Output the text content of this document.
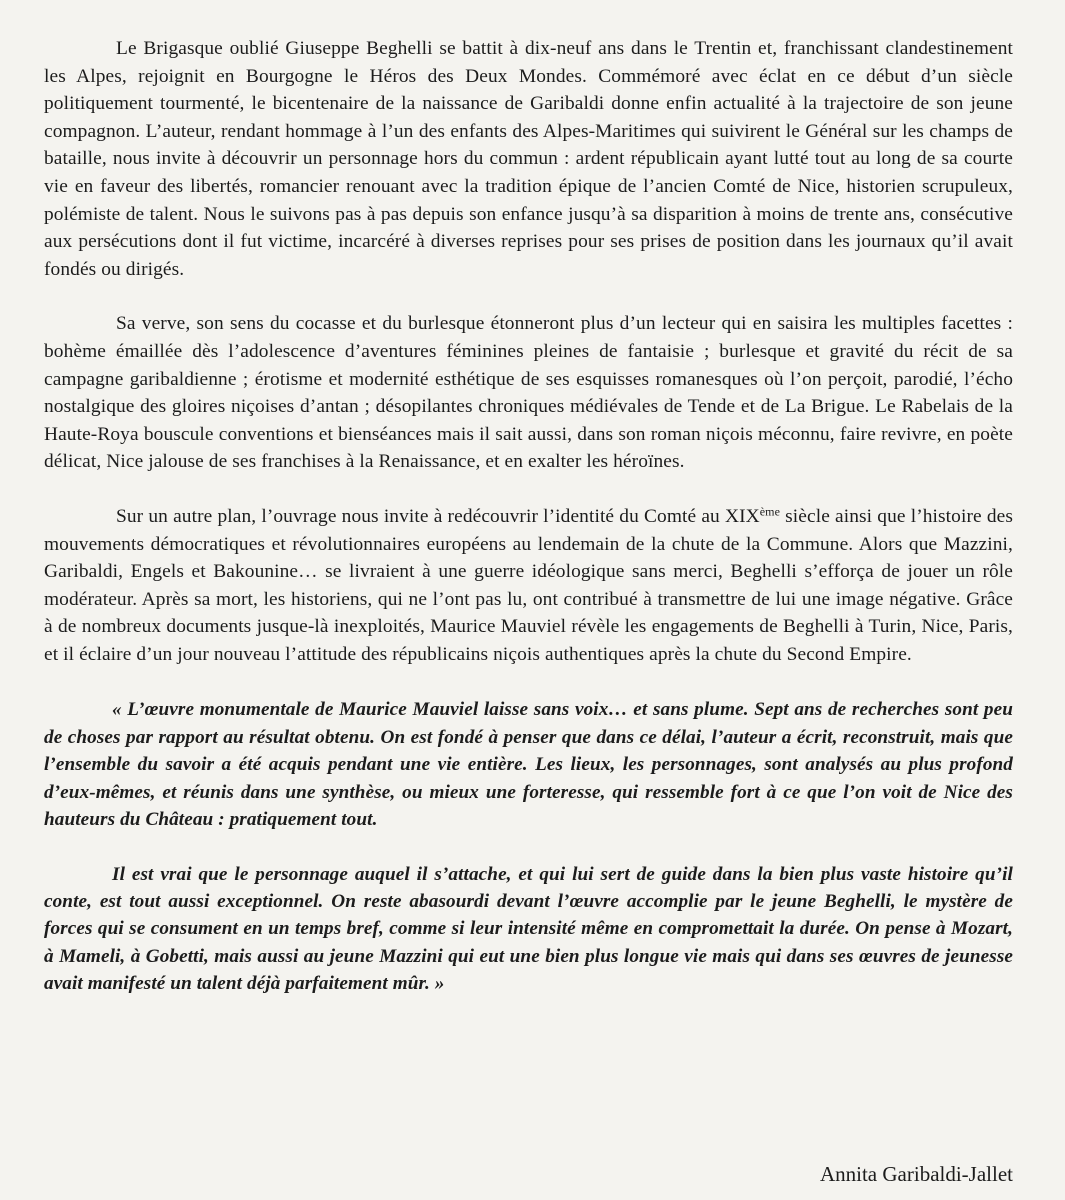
Le Brigasque oublié Giuseppe Beghelli se battit à dix-neuf ans dans le Trentin et, franchissant clandestinement les Alpes, rejoignit en Bourgogne le Héros des Deux Mondes. Commémoré avec éclat en ce début d’un siècle politiquement tourmenté, le bicentenaire de la naissance de Garibaldi donne enfin actualité à la trajectoire de son jeune compagnon. L’auteur, rendant hommage à l’un des enfants des Alpes-Maritimes qui suivirent le Général sur les champs de bataille, nous invite à découvrir un personnage hors du commun : ardent républicain ayant lutté tout au long de sa courte vie en faveur des libertés, romancier renouant avec la tradition épique de l’ancien Comté de Nice, historien scrupuleux, polémiste de talent. Nous le suivons pas à pas depuis son enfance jusqu’à sa disparition à moins de trente ans, consécutive aux persécutions dont il fut victime, incarcéré à diverses reprises pour ses prises de position dans les journaux qu’il avait fondés ou dirigés.

Sa verve, son sens du cocasse et du burlesque étonneront plus d’un lecteur qui en saisira les multiples facettes : bohème émaillée dès l’adolescence d’aventures féminines pleines de fantaisie ; burlesque et gravité du récit de sa campagne garibaldienne ; érotisme et modernité esthétique de ses esquisses romanesques où l’on perçoit, parodié, l’écho nostalgique des gloires niçoises d’antan ; désopilantes chroniques médiévales de Tende et de La Brigue. Le Rabelais de la Haute-Roya bouscule conventions et bienséances mais il sait aussi, dans son roman niçois méconnu, faire revivre, en poète délicat, Nice jalouse de ses franchises à la Renaissance, et en exalter les héroïnes.

Sur un autre plan, l’ouvrage nous invite à redécouvrir l’identité du Comté au XIXème siècle ainsi que l’histoire des mouvements démocratiques et révolutionnaires européens au lendemain de la chute de la Commune. Alors que Mazzini, Garibaldi, Engels et Bakounine… se livraient à une guerre idéologique sans merci, Beghelli s’efforça de jouer un rôle modérateur. Après sa mort, les historiens, qui ne l’ont pas lu, ont contribué à transmettre de lui une image négative. Grâce à de nombreux documents jusque-là inexploités, Maurice Mauviel révèle les engagements de Beghelli à Turin, Nice, Paris, et il éclaire d’un jour nouveau l’attitude des républicains niçois authentiques après la chute du Second Empire.

« L’œuvre monumentale de Maurice Mauviel laisse sans voix… et sans plume. Sept ans de recherches sont peu de choses par rapport au résultat obtenu. On est fondé à penser que dans ce délai, l’auteur a écrit, reconstruit, mais que l’ensemble du savoir a été acquis pendant une vie entière. Les lieux, les personnages, sont analysés au plus profond d’eux-mêmes, et réunis dans une synthèse, ou mieux une forteresse, qui ressemble fort à ce que l’on voit de Nice des hauteurs du Château : pratiquement tout.

Il est vrai que le personnage auquel il s’attache, et qui lui sert de guide dans la bien plus vaste histoire qu’il conte, est tout aussi exceptionnel. On reste abasourdi devant l’œuvre accomplie par le jeune Beghelli, le mystère de forces qui se consument en un temps bref, comme si leur intensité même en compromettait la durée. On pense à Mozart, à Mameli, à Gobetti, mais aussi au jeune Mazzini qui eut une bien plus longue vie mais qui dans ses œuvres de jeunesse avait manifesté un talent déjà parfaitement mûr. »

Annita Garibaldi-Jallet
